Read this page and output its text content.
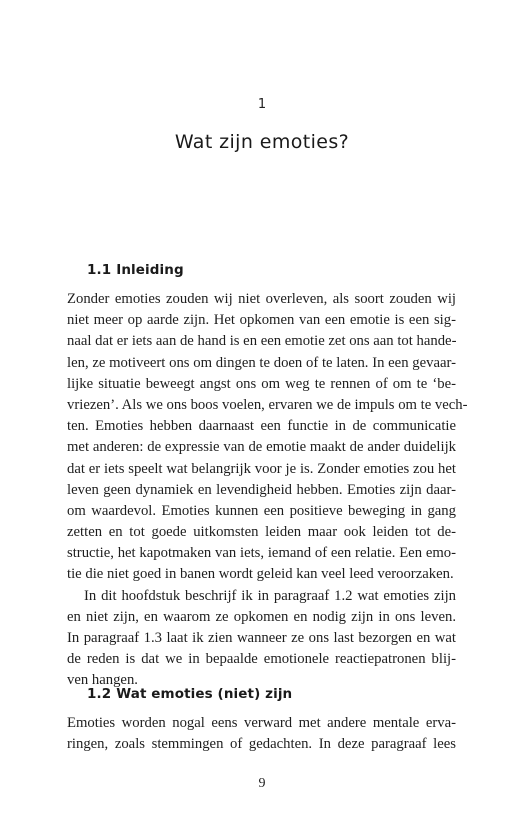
1
Wat zijn emoties?
1.1 Inleiding
Zonder emoties zouden wij niet overleven, als soort zouden wij
niet meer op aarde zijn. Het opkomen van een emotie is een sig-
naal dat er iets aan de hand is en een emotie zet ons aan tot hande-
len, ze motiveert ons om dingen te doen of te laten. In een gevaar-
lijke situatie beweegt angst ons om weg te rennen of om te ‘be-
vriezen’. Als we ons boos voelen, ervaren we de impuls om te vech-
ten. Emoties hebben daarnaast een functie in de communicatie
met anderen: de expressie van de emotie maakt de ander duidelijk
dat er iets speelt wat belangrijk voor je is. Zonder emoties zou het
leven geen dynamiek en levendigheid hebben. Emoties zijn daar-
om waardevol. Emoties kunnen een positieve beweging in gang
zetten en tot goede uitkomsten leiden maar ook leiden tot de-
structie, het kapotmaken van iets, iemand of een relatie. Een emo-
tie die niet goed in banen wordt geleid kan veel leed veroorzaken.
In dit hoofdstuk beschrijf ik in paragraaf 1.2 wat emoties zijn
en niet zijn, en waarom ze opkomen en nodig zijn in ons leven.
In paragraaf 1.3 laat ik zien wanneer ze ons last bezorgen en wat
de reden is dat we in bepaalde emotionele reactiepatronen blij-
ven hangen.
1.2 Wat emoties (niet) zijn
Emoties worden nogal eens verward met andere mentale erva-
ringen, zoals stemmingen of gedachten. In deze paragraaf lees
9
